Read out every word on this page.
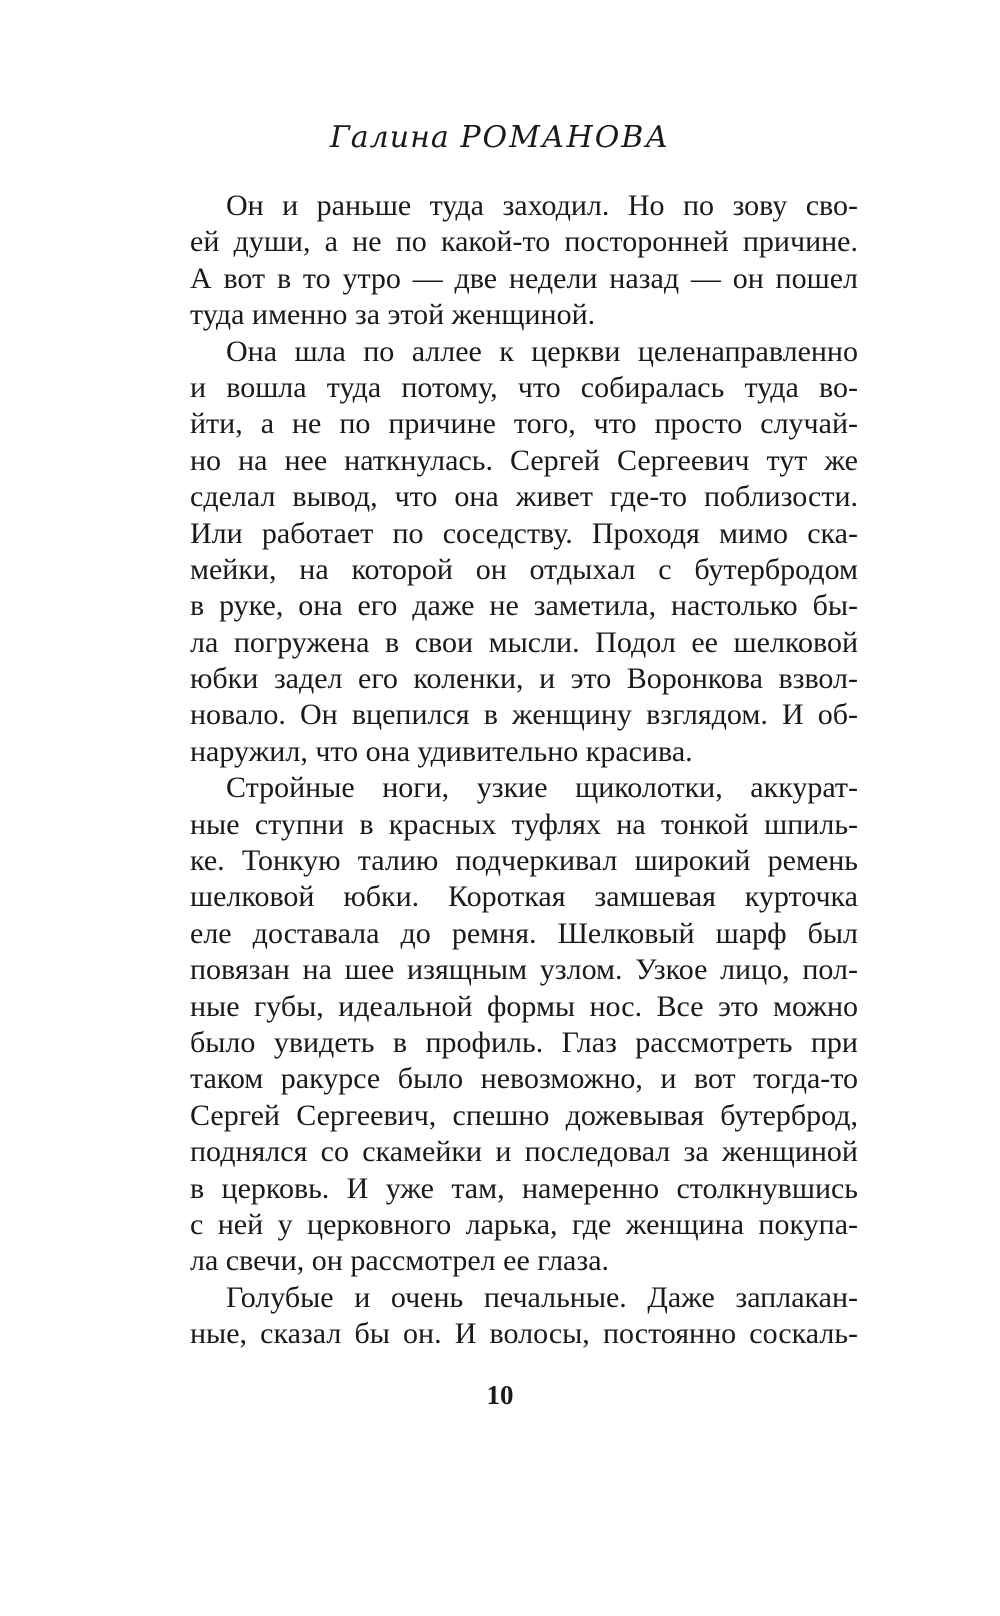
Галина РОМАНОВА
Он и раньше туда заходил. Но по зову сво-
ей души, а не по какой-то посторонней причине.
А вот в то утро — две недели назад — он пошел
туда именно за этой женщиной.
Она шла по аллее к церкви целенаправленно
и вошла туда потому, что собиралась туда во-
йти, а не по причине того, что просто случай-
но на нее наткнулась. Сергей Сергеевич тут же
сделал вывод, что она живет где-то поблизости.
Или работает по соседству. Проходя мимо ска-
мейки, на которой он отдыхал с бутербродом
в руке, она его даже не заметила, настолько бы-
ла погружена в свои мысли. Подол ее шелковой
юбки задел его коленки, и это Воронкова взвол-
новало. Он вцепился в женщину взглядом. И об-
наружил, что она удивительно красива.
Стройные ноги, узкие щиколотки, аккурат-
ные ступни в красных туфлях на тонкой шпиль-
ке. Тонкую талию подчеркивал широкий ремень
шелковой юбки. Короткая замшевая курточка
еле доставала до ремня. Шелковый шарф был
повязан на шее изящным узлом. Узкое лицо, пол-
ные губы, идеальной формы нос. Все это можно
было увидеть в профиль. Глаз рассмотреть при
таком ракурсе было невозможно, и вот тогда-то
Сергей Сергеевич, спешно дожевывая бутерброд,
поднялся со скамейки и последовал за женщиной
в церковь. И уже там, намеренно столкнувшись
с ней у церковного ларька, где женщина покупа-
ла свечи, он рассмотрел ее глаза.
Голубые и очень печальные. Даже заплакан-
ные, сказал бы он. И волосы, постоянно соскаль-
10
